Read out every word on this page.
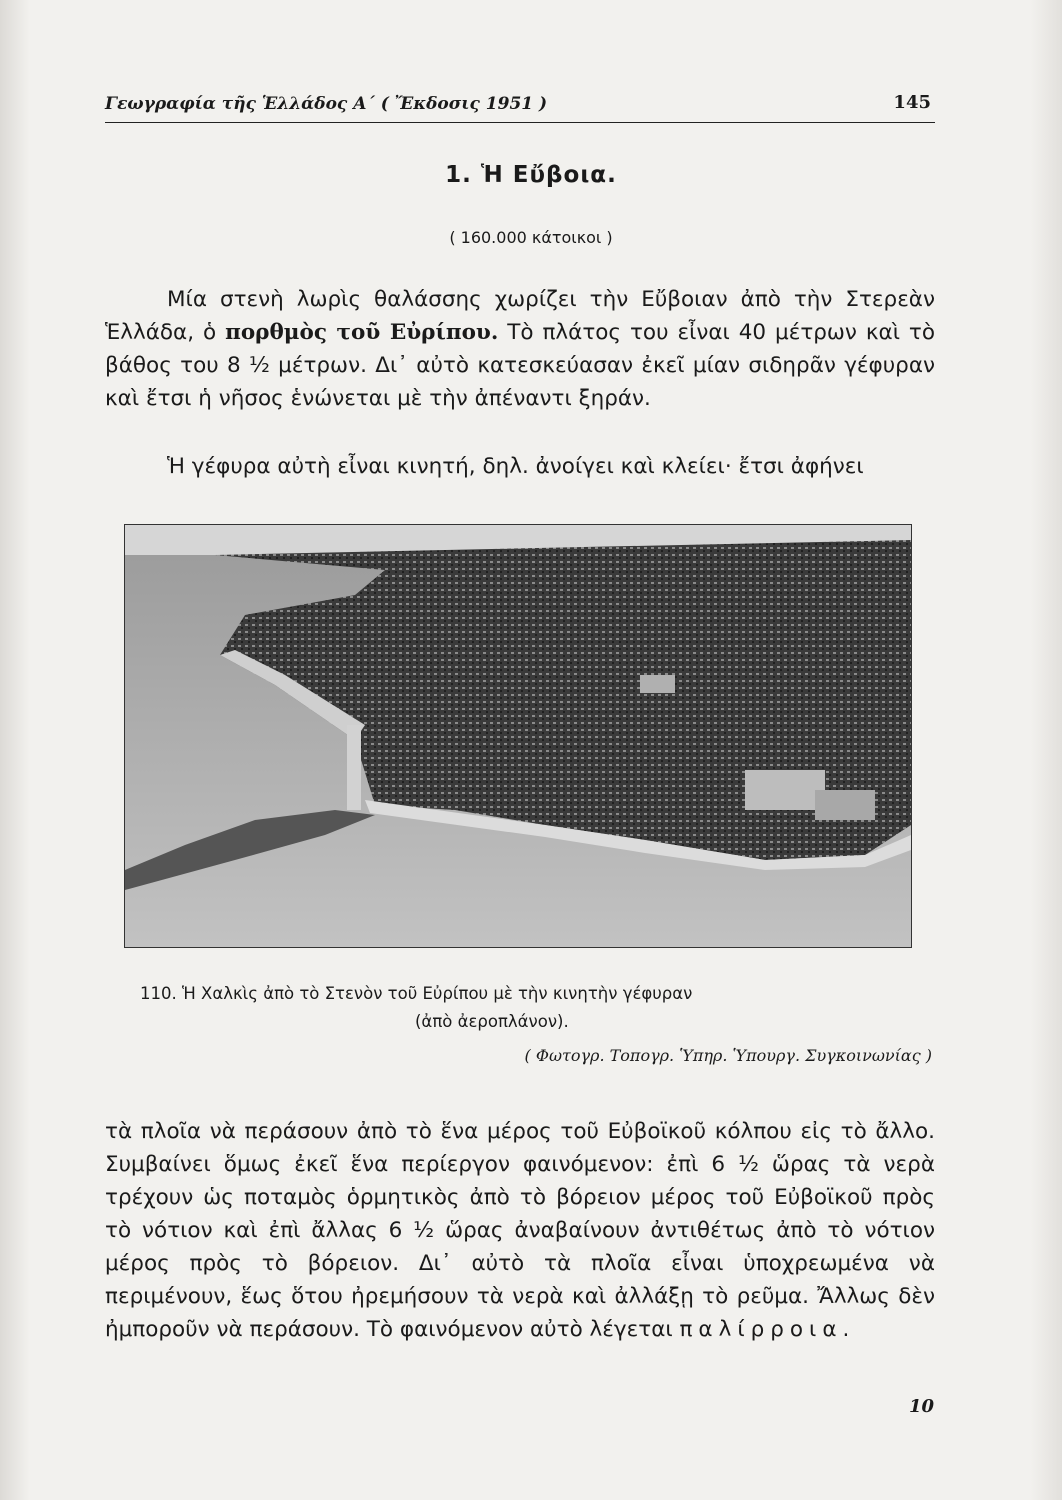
Γεωγραφία τῆς Ἑλλάδος Α΄ ( Ἔκδοσις 1951 )	145
1. Ἡ Εὔβοια.
( 160.000 κάτοικοι )
Μία στενὴ λωρὶς θαλάσσης χωρίζει τὴν Εὔβοιαν ἀπὸ τὴν Στερεὰν Ἑλλάδα, ὁ πορθμὸς τοῦ Εὐρίπου. Τὸ πλάτος του εἶναι 40 μέτρων καὶ τὸ βάθος του 8 ½ μέτρων. Δι᾽ αὐτὸ κατεσκεύασαν ἐκεῖ μίαν σιδηρᾶν γέφυραν καὶ ἔτσι ἡ νῆσος ἑνώνεται μὲ τὴν ἀπέναντι ξηράν.
Ἡ γέφυρα αὐτὴ εἶναι κινητή, δηλ. ἀνοίγει καὶ κλείει· ἔτσι ἀφήνει
110. Ἡ Χαλκὶς ἀπὸ τὸ Στενὸν τοῦ Εὐρίπου μὲ τὴν κινητὴν γέφυραν
(ἀπὸ ἀεροπλάνον).
( Φωτογρ. Τοπογρ. Ὑπηρ. Ὑπουργ. Συγκοινωνίας )
τὰ πλοῖα νὰ περάσουν ἀπὸ τὸ ἕνα μέρος τοῦ Εὐβοϊκοῦ κόλπου εἰς τὸ ἄλλο. Συμβαίνει ὅμως ἐκεῖ ἕνα περίεργον φαινόμενον: ἐπὶ 6 ½ ὥρας τὰ νερὰ τρέχουν ὡς ποταμὸς ὁρμητικὸς ἀπὸ τὸ βόρειον μέρος τοῦ Εὐβοϊκοῦ πρὸς τὸ νότιον καὶ ἐπὶ ἄλλας 6 ½ ὥρας ἀναβαίνουν ἀντιθέτως ἀπὸ τὸ νότιον μέρος πρὸς τὸ βόρειον. Δι᾽ αὐτὸ τὰ πλοῖα εἶναι ὑποχρεωμένα νὰ περιμένουν, ἕως ὅτου ἠρεμήσουν τὰ νερὰ καὶ ἀλλάξῃ τὸ ρεῦμα. Ἄλλως δὲν ἠμποροῦν νὰ περάσουν. Τὸ φαινόμενον αὐτὸ λέγεται παλίρροια.
10
